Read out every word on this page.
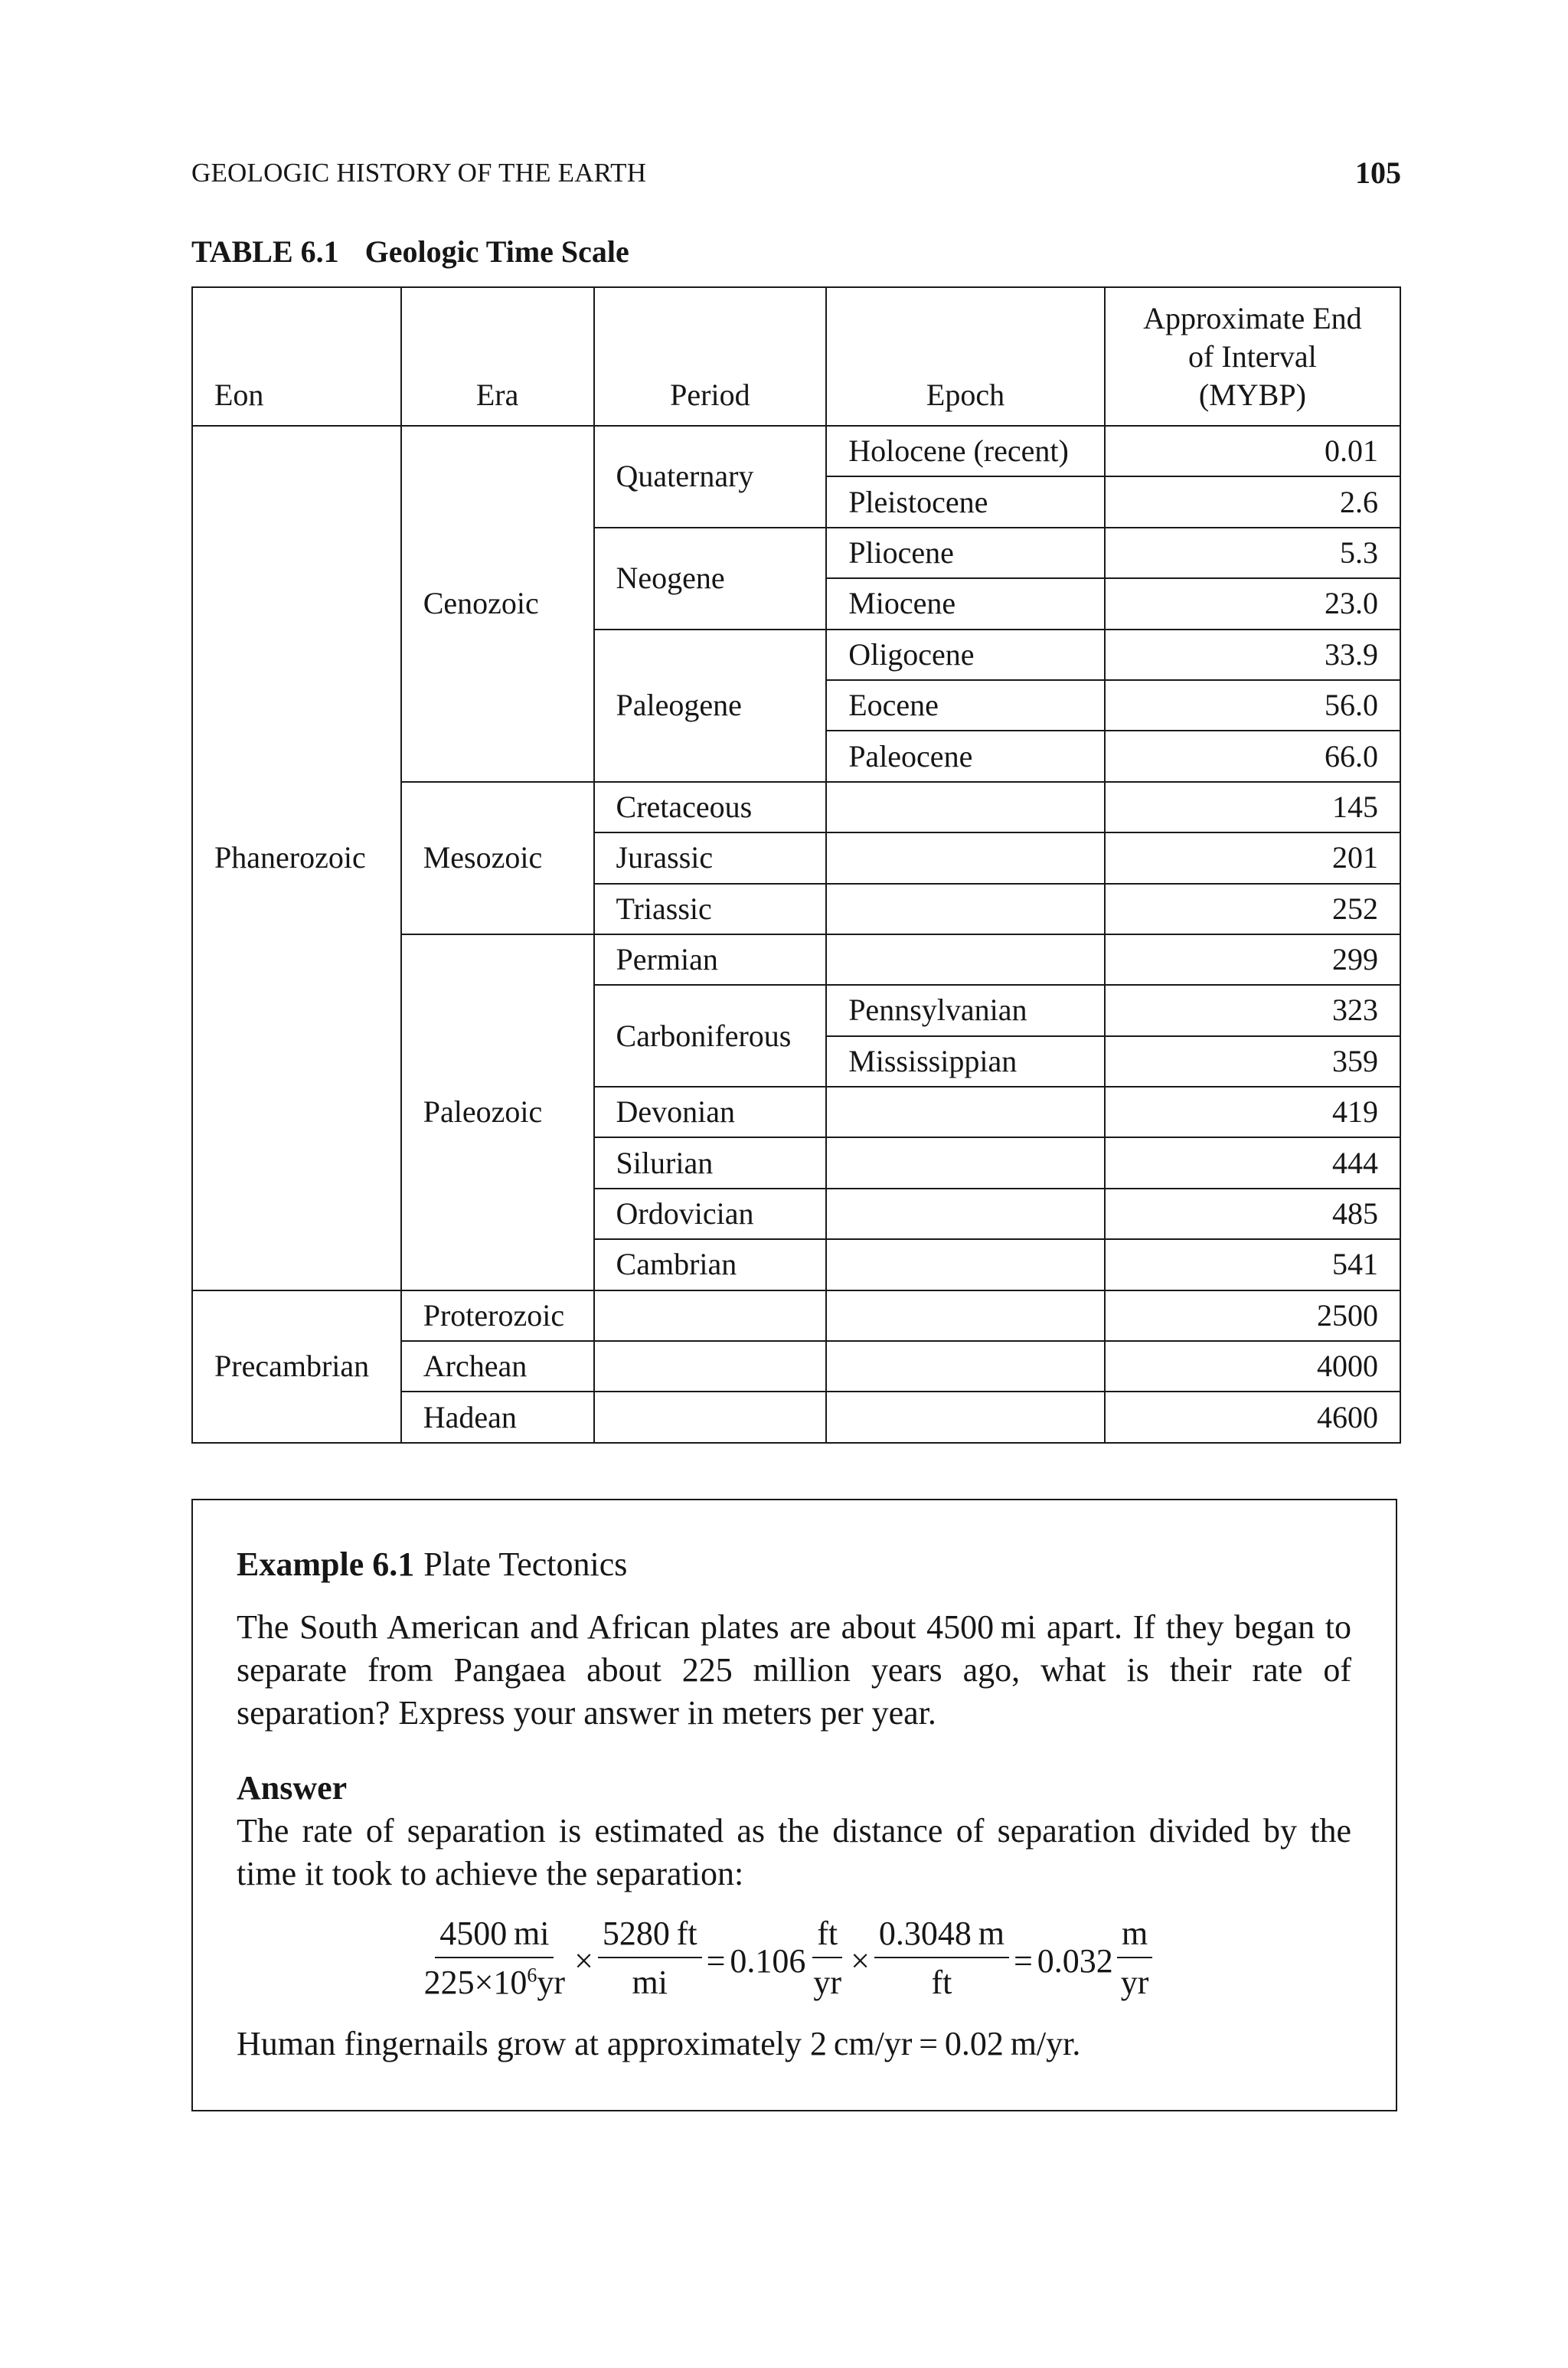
GEOLOGIC HISTORY OF THE EARTH	105
TABLE 6.1 Geologic Time Scale
Eon	Era	Period	Epoch	Approximate End
of Interval
(MYBP)
Phanerozoic	Cenozoic	Quaternary	Holocene (recent)	0.01
			Pleistocene	2.6
		Neogene	Pliocene	5.3
			Miocene	23.0
		Paleogene	Oligocene	33.9
			Eocene	56.0
			Paleocene	66.0
	Mesozoic	Cretaceous		145
		Jurassic		201
		Triassic		252
	Paleozoic	Permian		299
		Carboniferous	Pennsylvanian	323
			Mississippian	359
		Devonian		419
		Silurian		444
		Ordovician		485
		Cambrian		541
Precambrian	Proterozoic			2500
	Archean			4000
	Hadean			4600

Example 6.1 Plate Tectonics

The South American and African plates are about 4500 mi apart. If they began to separate from Pangaea about 225 million years ago, what is their rate of separation? Express your answer in meters per year.

Answer

The rate of separation is estimated as the distance of separation divided by the time it took to achieve the separation:

$\frac{4500 mi}{225\times 10^6yr} \times \frac{5280 ft}{mi} = 0.106 \frac{ft}{yr} \times \frac{0.3048 m}{ft} = 0.032 \frac{m}{yr}$

Human fingernails grow at approximately 2 cm/yr = 0.02 m/yr.
